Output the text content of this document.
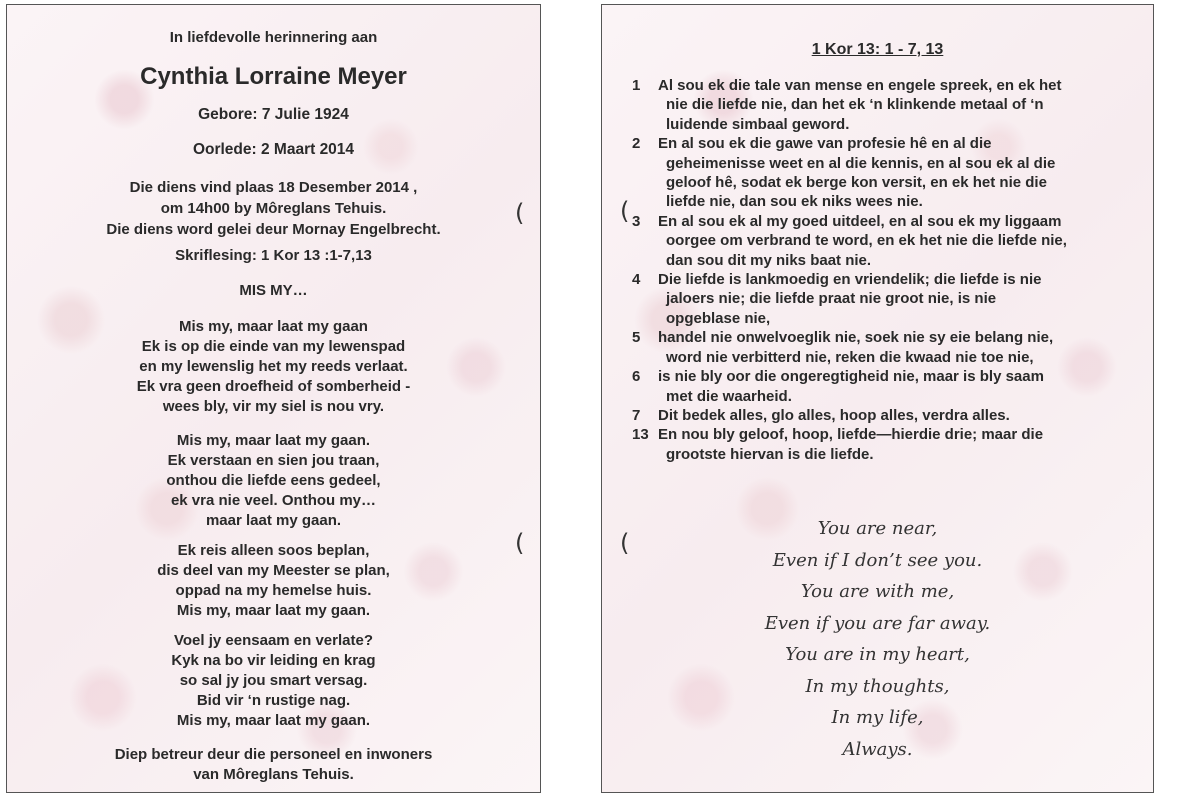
In liefdevolle herinnering aan
Cynthia Lorraine Meyer
Gebore: 7 Julie 1924
Oorlede: 2 Maart 2014
Die diens vind plaas 18 Desember 2014 ,
om 14h00 by Môreglans Tehuis.
Die diens word gelei deur Mornay Engelbrecht.
Skriflesing: 1 Kor 13 :1-7,13
MIS MY…
Mis my, maar laat my gaan
Ek is op die einde van my lewenspad
en my lewenslig het my reeds verlaat.
Ek vra geen droefheid of somberheid -
wees bly, vir my siel is nou vry.
Mis my, maar laat my gaan.
Ek verstaan en sien jou traan,
onthou die liefde eens gedeel,
ek vra nie veel. Onthou my…
maar laat my gaan.
Ek reis alleen soos beplan,
dis deel van my Meester se plan,
oppad na my hemelse huis.
Mis my, maar laat my gaan.
Voel jy eensaam en verlate?
Kyk na bo vir leiding en krag
so sal jy jou smart versag.
Bid vir ‘n rustige nag.
Mis my, maar laat my gaan.
Diep betreur deur die personeel en inwoners
van Môreglans Tehuis.
(
(
1 Kor 13: 1 - 7, 13
1 Al sou ek die tale van mense en engele spreek, en ek het
nie die liefde nie, dan het ek ‘n klinkende metaal of ‘n
luidende simbaal geword.
2 En al sou ek die gawe van profesie hê en al die
geheimenisse weet en al die kennis, en al sou ek al die
geloof hê, sodat ek berge kon versit, en ek het nie die
liefde nie, dan sou ek niks wees nie.
3 En al sou ek al my goed uitdeel, en al sou ek my liggaam
oorgee om verbrand te word, en ek het nie die liefde nie,
dan sou dit my niks baat nie.
4 Die liefde is lankmoedig en vriendelik; die liefde is nie
jaloers nie; die liefde praat nie groot nie, is nie
opgeblase nie,
5 handel nie onwelvoeglik nie, soek nie sy eie belang nie,
word nie verbitterd nie, reken die kwaad nie toe nie,
6 is nie bly oor die ongeregtigheid nie, maar is bly saam
met die waarheid.
7 Dit bedek alles, glo alles, hoop alles, verdra alles.
13 En nou bly geloof, hoop, liefde—hierdie drie; maar die
grootste hiervan is die liefde.
You are near,
Even if I don’t see you.
You are with me,
Even if you are far away.
You are in my heart,
In my thoughts,
In my life,
Always.
(
(
